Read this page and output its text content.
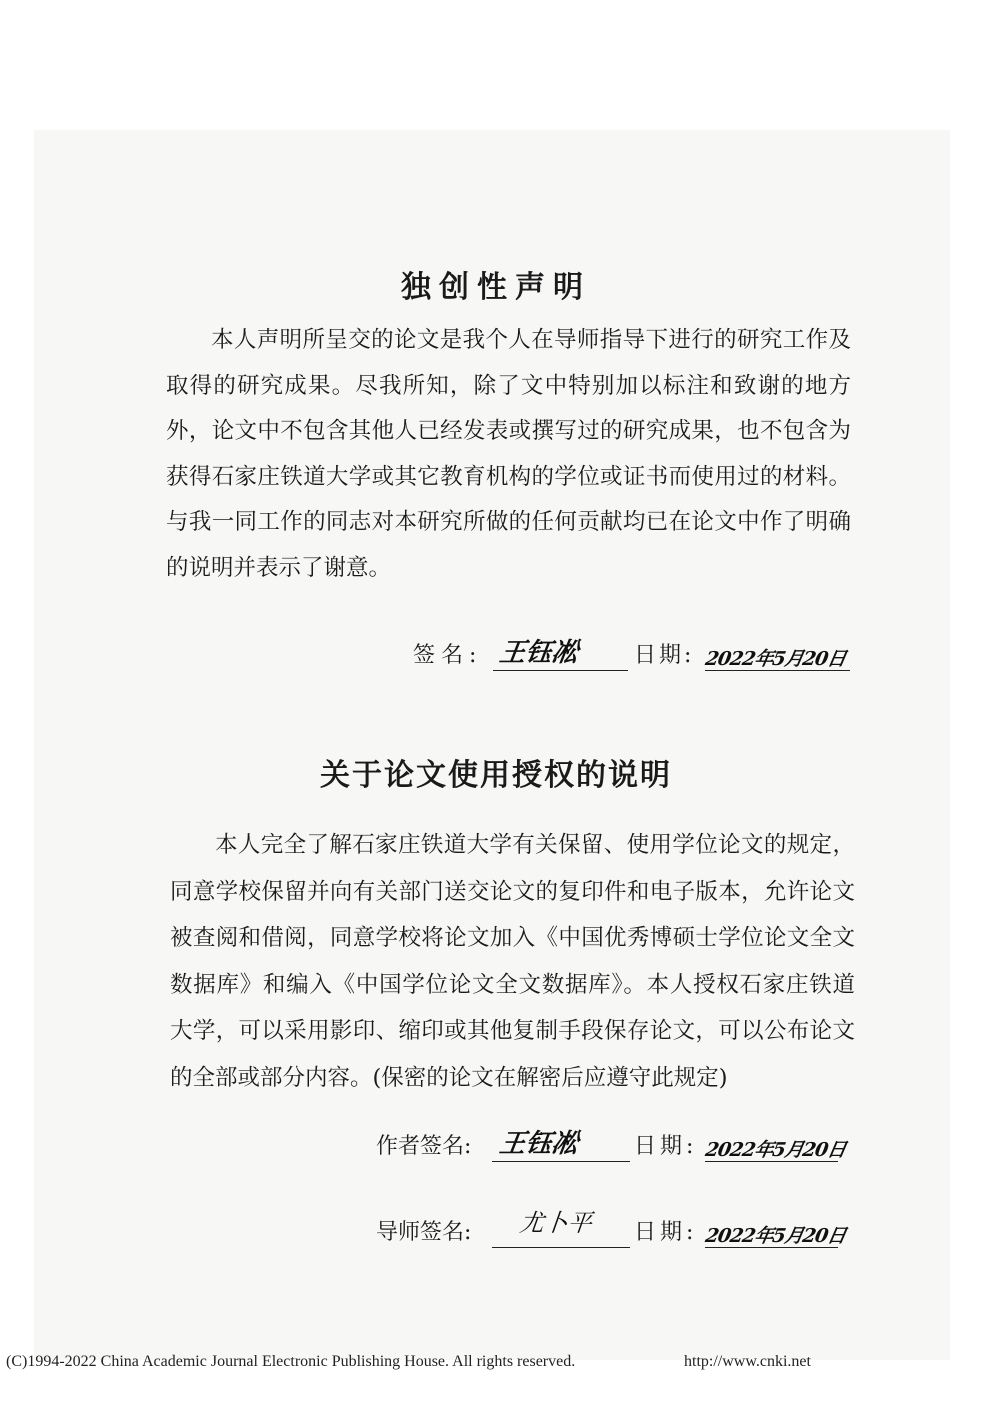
独创性声明

本人声明所呈交的论文是我个人在导师指导下进行的研究工作及取得的研究成果。尽我所知，除了文中特别加以标注和致谢的地方外，论文中不包含其他人已经发表或撰写过的研究成果，也不包含为获得石家庄铁道大学或其它教育机构的学位或证书而使用过的材料。与我一同工作的同志对本研究所做的任何贡献均已在论文中作了明确的说明并表示了谢意。

签名: 王钰凇 日期: 2022年5月20日
关于论文使用授权的说明

本人完全了解石家庄铁道大学有关保留、使用学位论文的规定，同意学校保留并向有关部门送交论文的复印件和电子版本，允许论文被查阅和借阅，同意学校将论文加入《中国优秀博硕士学位论文全文数据库》和编入《中国学位论文全文数据库》。本人授权石家庄铁道大学，可以采用影印、缩印或其他复制手段保存论文，可以公布论文的全部或部分内容。(保密的论文在解密后应遵守此规定)

作者签名: 王钰凇 日期: 2022年5月20日
导师签名: 尤卜平 日期: 2022年5月20日
(C)1994-2022 China Academic Journal Electronic Publishing House. All rights reserved.	http://www.cnki.net
